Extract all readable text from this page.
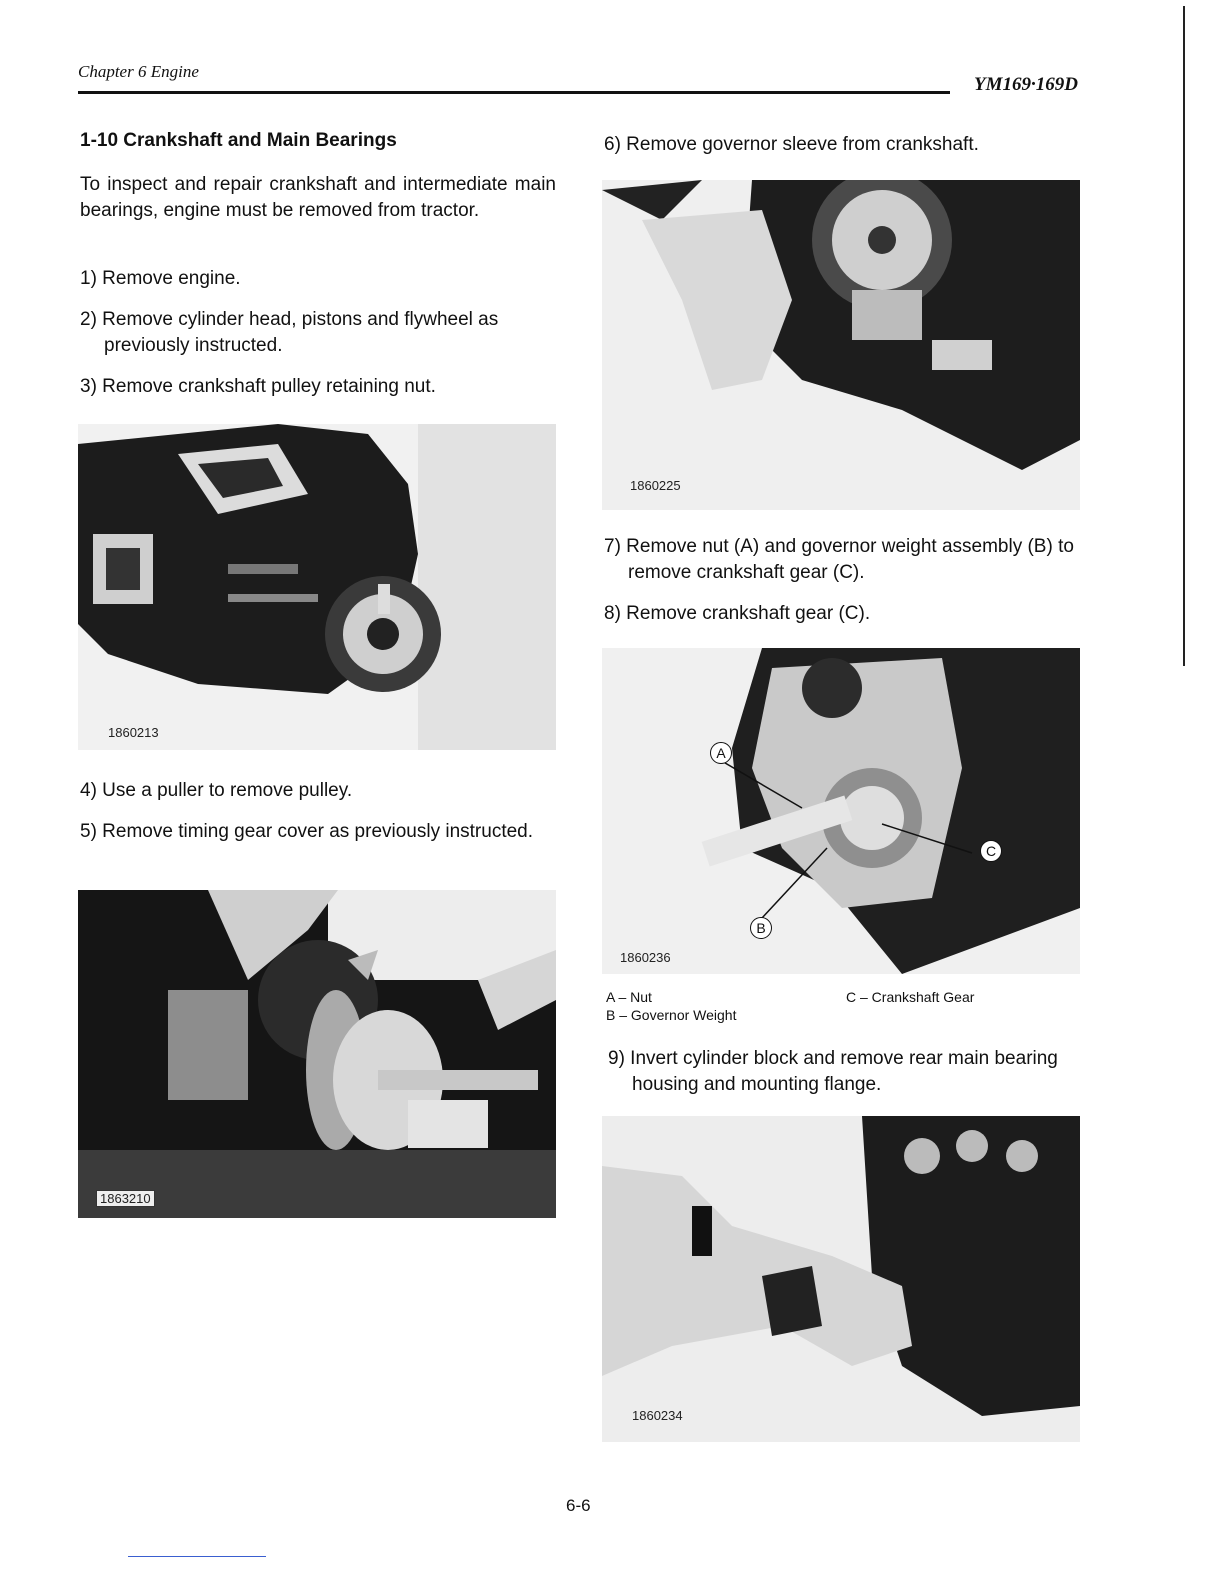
Chapter 6 Engine
YM169·169D
1-10 Crankshaft and Main Bearings
To inspect and repair crankshaft and intermediate main bearings, engine must be removed from tractor.
1) Remove engine.
2) Remove cylinder head, pistons and flywheel as previously instructed.
3) Remove crankshaft pulley retaining nut.
1860213
4) Use a puller to remove pulley.
5) Remove timing gear cover as previously instructed.
1863210
6) Remove governor sleeve from crankshaft.
1860225
7) Remove nut (A) and governor weight assembly (B) to remove crankshaft gear (C).
8) Remove crankshaft gear (C).
A
B
C
1860236
A – Nut
B – Governor Weight
C – Crankshaft Gear
9) Invert cylinder block and remove rear main bearing housing and mounting flange.
1860234
6-6
